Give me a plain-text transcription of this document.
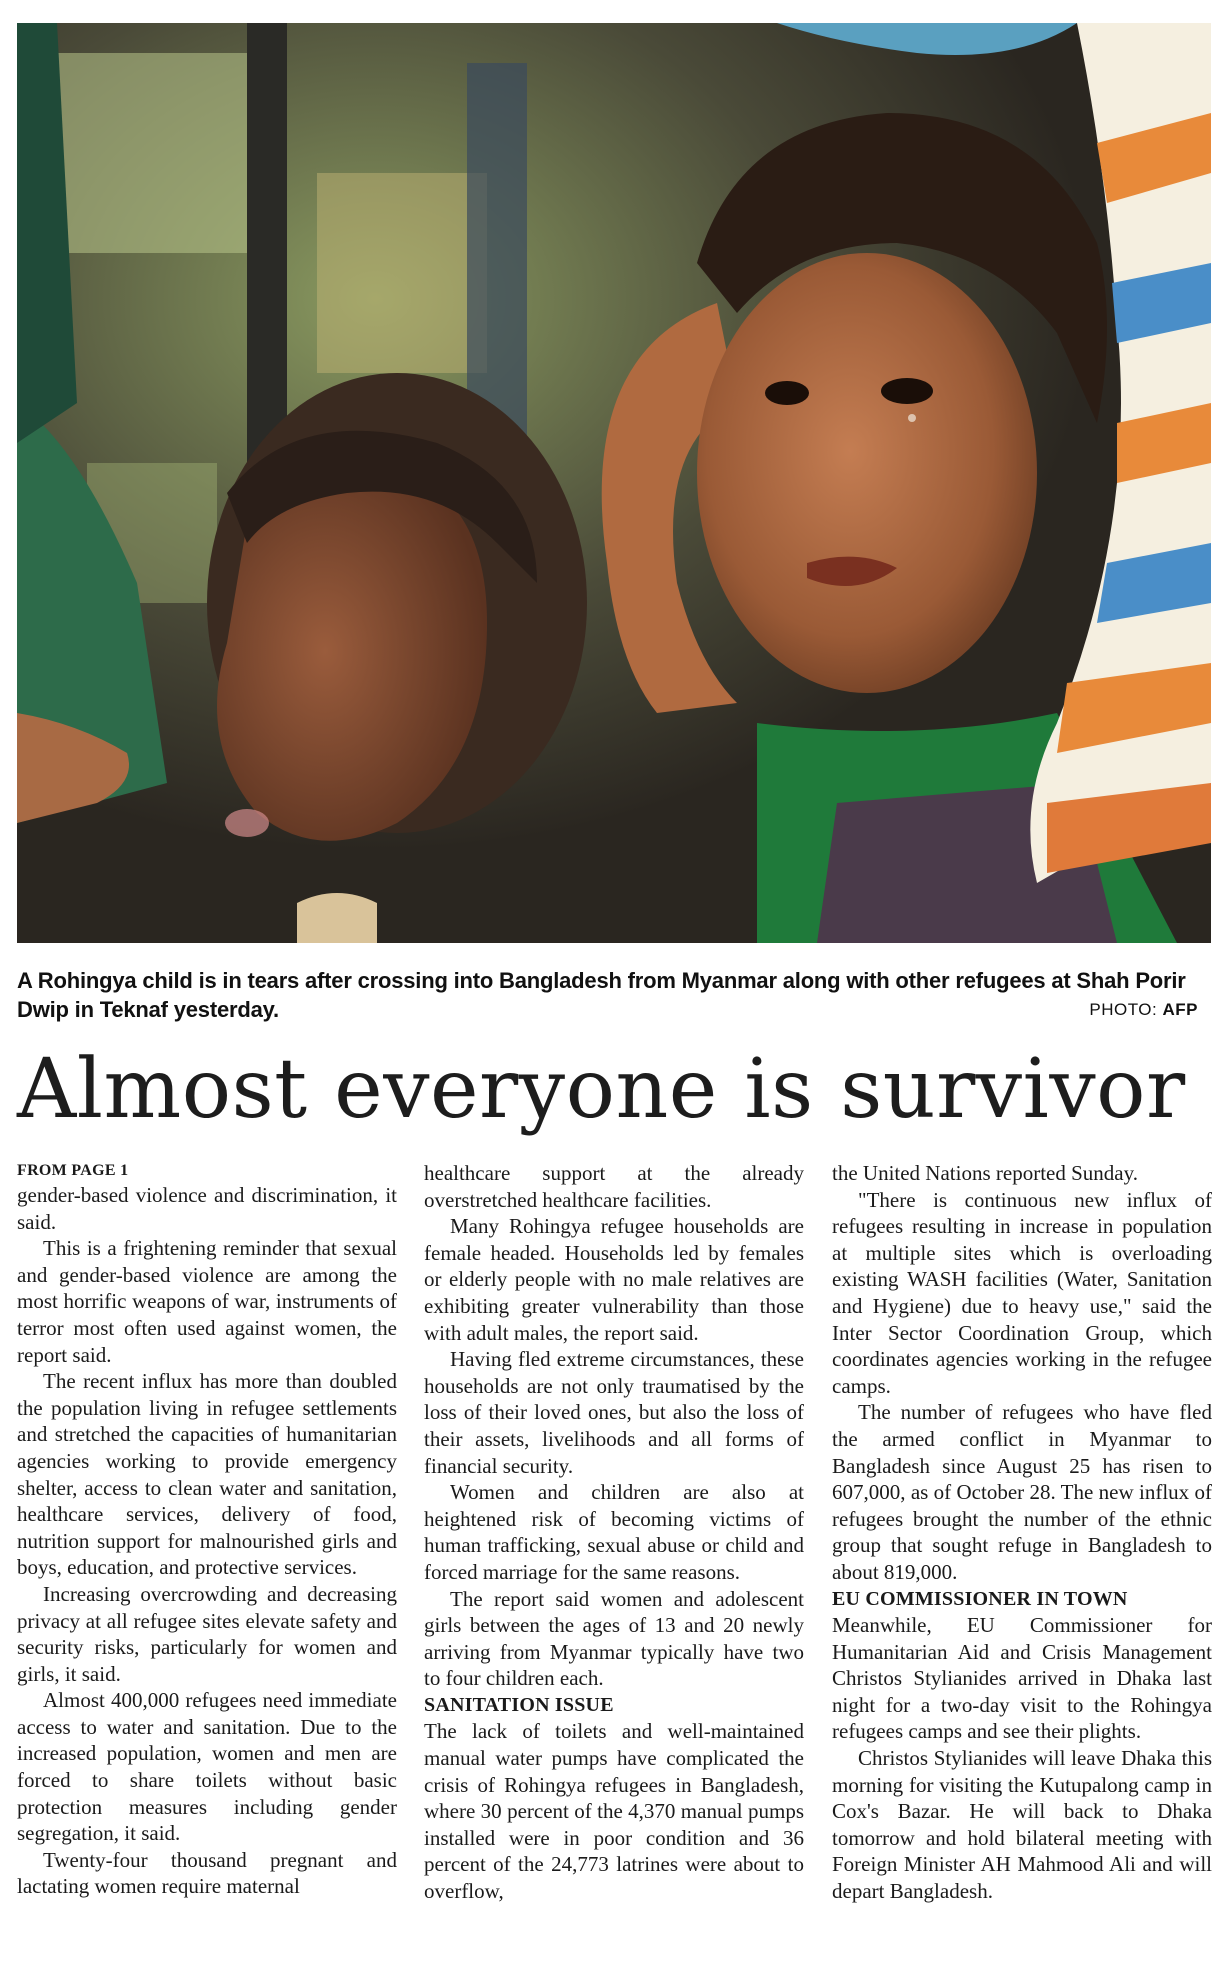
A Rohingya child is in tears after crossing into Bangladesh from Myanmar along with other refugees at Shah Porir Dwip in Teknaf yesterday.	PHOTO: AFP
Almost everyone is survivor

FROM PAGE 1

gender-based violence and discrimination, it said.

This is a frightening reminder that sexual and gender-based violence are among the most horrific weapons of war, instruments of terror most often used against women, the report said.

The recent influx has more than doubled the population living in refugee settlements and stretched the capacities of humanitarian agencies working to provide emergency shelter, access to clean water and sanitation, healthcare services, delivery of food, nutrition support for malnourished girls and boys, education, and protective services.

Increasing overcrowding and decreasing privacy at all refugee sites elevate safety and security risks, particularly for women and girls, it said.

Almost 400,000 refugees need immediate access to water and sanitation. Due to the increased population, women and men are forced to share toilets without basic protection measures including gender segregation, it said.

Twenty-four thousand pregnant and lactating women require maternal

healthcare support at the already overstretched healthcare facilities.

Many Rohingya refugee households are female headed. Households led by females or elderly people with no male relatives are exhibiting greater vulnerability than those with adult males, the report said.

Having fled extreme circumstances, these households are not only traumatised by the loss of their loved ones, but also the loss of their assets, livelihoods and all forms of financial security.

Women and children are also at heightened risk of becoming victims of human trafficking, sexual abuse or child and forced marriage for the same reasons.

The report said women and adolescent girls between the ages of 13 and 20 newly arriving from Myanmar typically have two to four children each.

SANITATION ISSUE

The lack of toilets and well-maintained manual water pumps have complicated the crisis of Rohingya refugees in Bangladesh, where 30 percent of the 4,370 manual pumps installed were in poor condition and 36 percent of the 24,773 latrines were about to overflow,

the United Nations reported Sunday.

"There is continuous new influx of refugees resulting in increase in population at multiple sites which is overloading existing WASH facilities (Water, Sanitation and Hygiene) due to heavy use," said the Inter Sector Coordination Group, which coordinates agencies working in the refugee camps.

The number of refugees who have fled the armed conflict in Myanmar to Bangladesh since August 25 has risen to 607,000, as of October 28. The new influx of refugees brought the number of the ethnic group that sought refuge in Bangladesh to about 819,000.

EU COMMISSIONER IN TOWN

Meanwhile, EU Commissioner for Humanitarian Aid and Crisis Management Christos Stylianides arrived in Dhaka last night for a two-day visit to the Rohingya refugees camps and see their plights.

Christos Stylianides will leave Dhaka this morning for visiting the Kutupalong camp in Cox's Bazar. He will back to Dhaka tomorrow and hold bilateral meeting with Foreign Minister AH Mahmood Ali and will depart Bangladesh.
